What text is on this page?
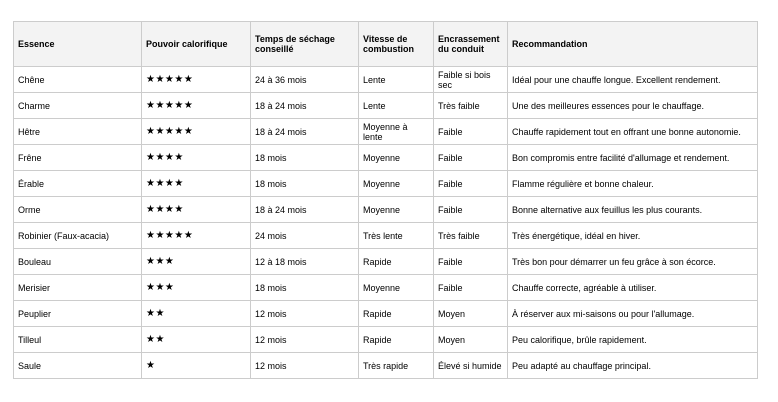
Essence	Pouvoir calorifique	Temps de séchage conseillé	Vitesse de combustion	Encrassement du conduit	Recommandation
Chêne	★★★★★	24 à 36 mois	Lente	Faible si bois sec	Idéal pour une chauffe longue. Excellent rendement.
Charme	★★★★★	18 à 24 mois	Lente	Très faible	Une des meilleures essences pour le chauffage.
Hêtre	★★★★★	18 à 24 mois	Moyenne à lente	Faible	Chauffe rapidement tout en offrant une bonne autonomie.
Frêne	★★★★	18 mois	Moyenne	Faible	Bon compromis entre facilité d'allumage et rendement.
Érable	★★★★	18 mois	Moyenne	Faible	Flamme régulière et bonne chaleur.
Orme	★★★★	18 à 24 mois	Moyenne	Faible	Bonne alternative aux feuillus les plus courants.
Robinier (Faux-acacia)	★★★★★	24 mois	Très lente	Très faible	Très énergétique, idéal en hiver.
Bouleau	★★★	12 à 18 mois	Rapide	Faible	Très bon pour démarrer un feu grâce à son écorce.
Merisier	★★★	18 mois	Moyenne	Faible	Chauffe correcte, agréable à utiliser.
Peuplier	★★	12 mois	Rapide	Moyen	À réserver aux mi-saisons ou pour l'allumage.
Tilleul	★★	12 mois	Rapide	Moyen	Peu calorifique, brûle rapidement.
Saule	★	12 mois	Très rapide	Élevé si humide	Peu adapté au chauffage principal.
